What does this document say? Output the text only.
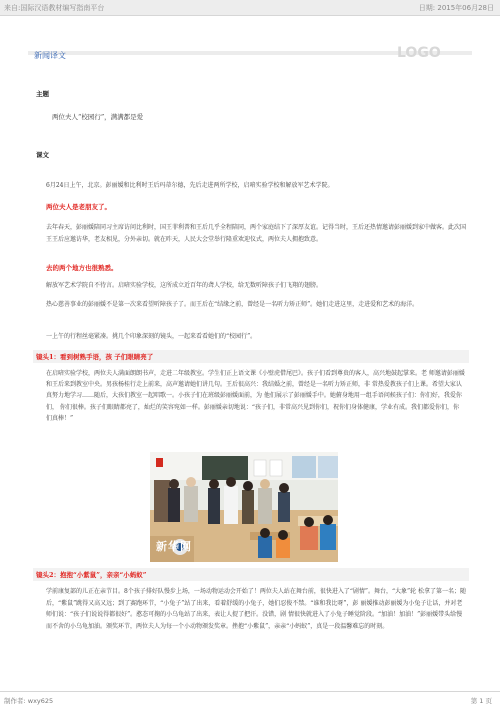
来自:国际汉语教材编写指南平台	日期: 2015年06月28日
新闻译文	LOGO
主题
两位夫人“校园行”，满满都是爱
课文
6月24日上午，北京。彭丽媛和比利时王后玛蒂尔德，先后走进两所学校，启喑实验学校和解放军艺术学院。
两位夫人是老朋友了。
去年春天，彭丽媛陪同习主席访问比利时，国王菲利普和王后几乎全程陪同，两个家庭结下了深厚友谊。记得当时，王后还热情邀请彭丽媛到家中做客。此次国王王后应邀访华，老友相见，分外亲切。就在昨天，人民大会堂举行隆重欢迎仪式，两位夫人拥抱致意。
去的两个地方也很熟悉。
解放军艺术学院自不待言。启喑实验学校，这所成立近百年的聋人学校，给无数听障孩子们飞翔的翅膀。
热心慈善事业的彭丽媛不是第一次来看望听障孩子了。而王后在“结缘之前，曾经是一名听力矫正师”。她们走进这里，走进爱和艺术的海洋。
一上午的行程丝毫紧凑。挑几个印象深刻的镜头，一起来看看她们的“校园行”。
镜头1：看到树熟手语，孩 子们眼睛亮了
在启喑实验学校，两位夫人满面朗朗书声，走进二年级教室。学生们正上语文课《小壁虎借尾巴》。孩子们看到尊贵的客人，高兴地鼓起掌来。老 师邀请彭丽媛和王后来到教室中央。男孩杨桂行走上前来，高声邀请她们讲几句。王后很高兴：我结婚之前，曾经是一名听力矫正师，非 常热爱教孩子们上课。希望大家认真努力地学习……随后，大孩们教室一起唱歌一。小孩子们在班级彭丽媛面前，为 他们展示了彭丽媛手中。她俯身地用一组手语问候孩子们：你们好，我爱你们， 你们很棒。孩子们眼睛都亮了，灿烂的笑容宛如一样。彭丽媛亲切地说：“孩子们，非常高兴见到你们，祝你们身体健康，学业有成。我们都爱你们，你 们真棒！”
新华网
镜头2：抱抱“小紫鼠”，亲亲“小蚂蚁”
学前康复部的儿正在亲节目。8个孩子排好队慢步上场，一场动物运动会开始了！两位夫人站在舞台前，很快进入了“剧情”。舞台，“大象”轮 松拿了第一名；随后，“紫鼠”跳得又高又远；到了赛跑环节，“小兔子”站了出来，看着舒缓的小兔子，她们忍俊不禁。“谁和我比呀”，彭 丽媛推动彭丽媛为小兔子让话，并对老师们说：“孩子们说说得都很好”。憨态可掬的小乌龟站了出来，表让人捉了把汗。没错，剧 情很快就进入了小兔子睡觉阶段。“加油！加油！”彭丽媛带头给慢而不舍的小乌龟加油。颁奖环节，两位夫人为每一个小动物颁发奖章。挫抱“小紫鼠”，亲亲“小蚂蚁”，真是一段温馨难忘的时刻。
制作者: wxy625	第 1 页
